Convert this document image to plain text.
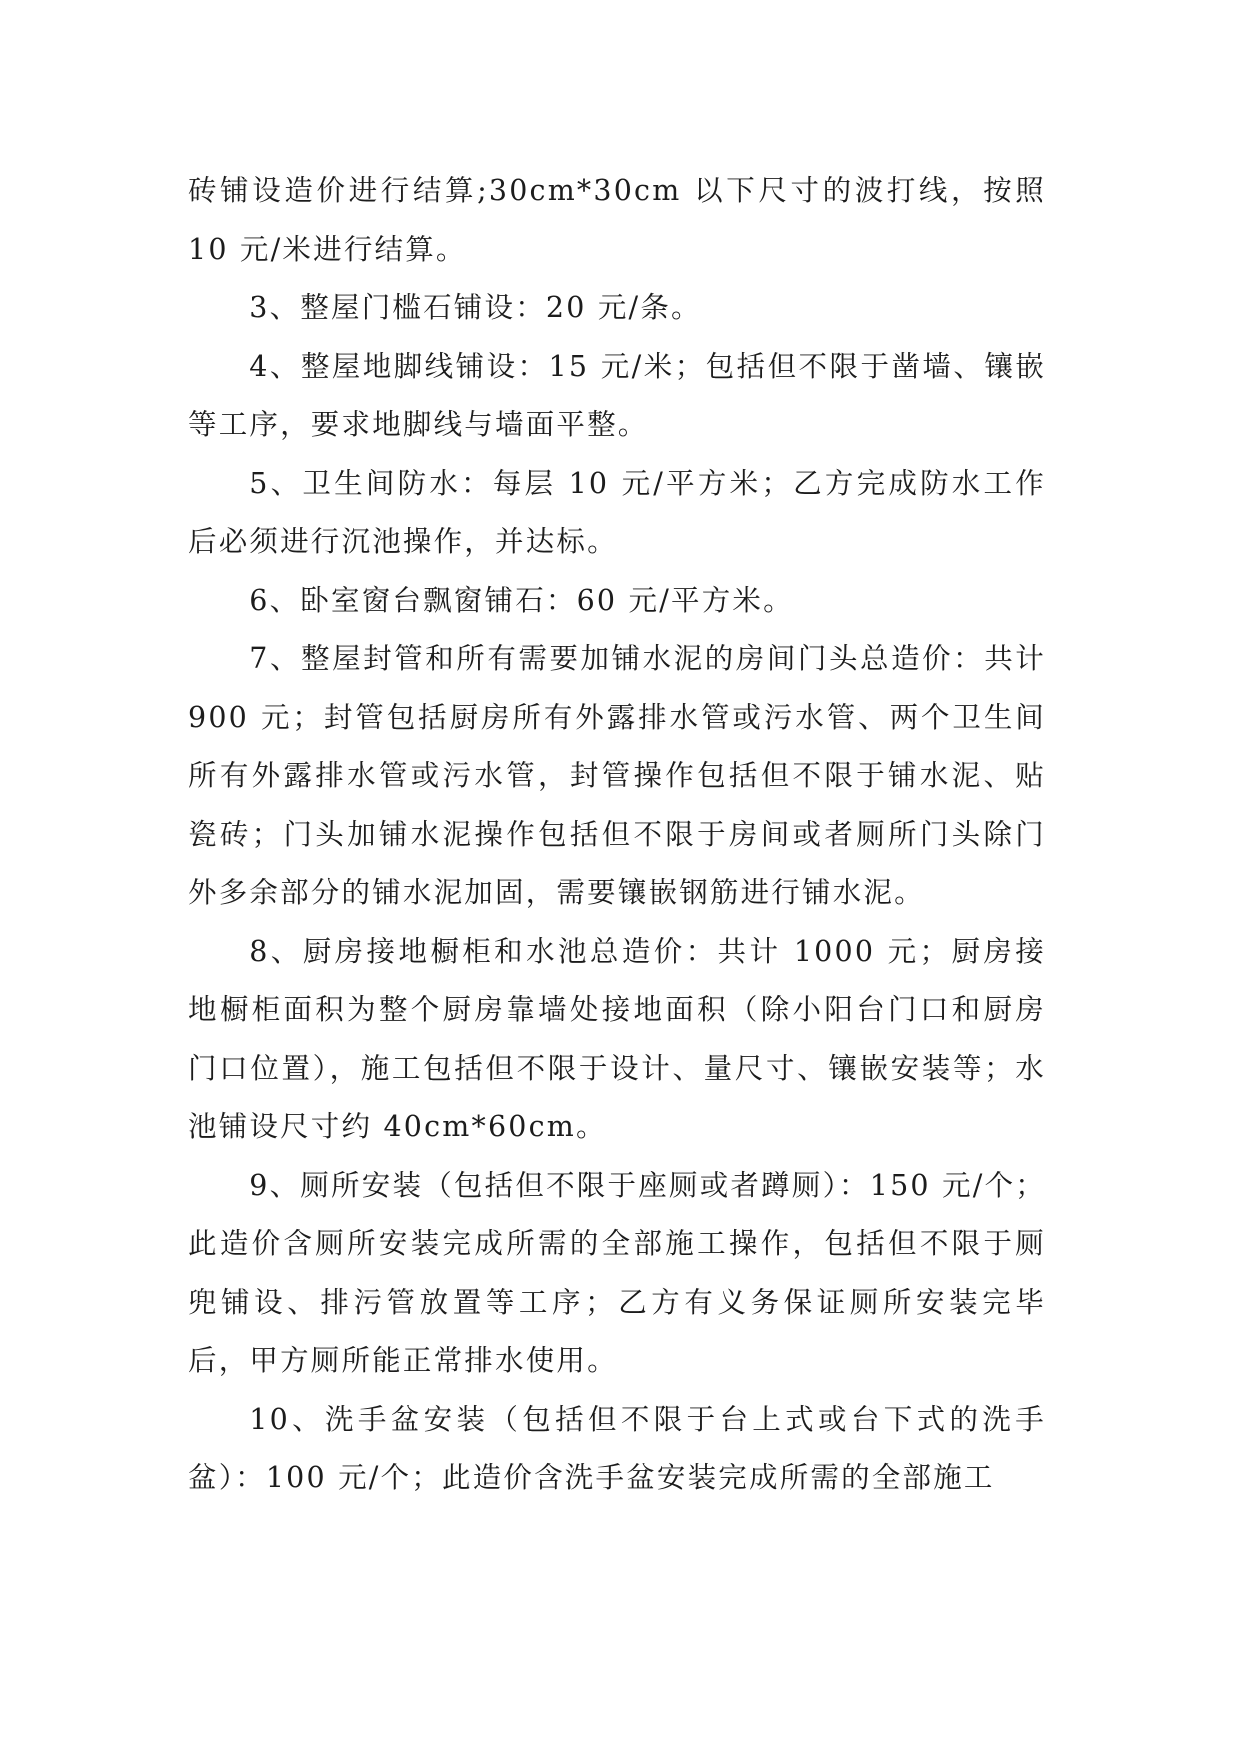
砖铺设造价进行结算;30cm*30cm 以下尺寸的波打线，按照 10 元/米进行结算。

3、整屋门槛石铺设：20 元/条。

4、整屋地脚线铺设：15 元/米；包括但不限于凿墙、镶嵌等工序，要求地脚线与墙面平整。

5、卫生间防水：每层 10 元/平方米；乙方完成防水工作后必须进行沉池操作，并达标。

6、卧室窗台飘窗铺石：60 元/平方米。

7、整屋封管和所有需要加铺水泥的房间门头总造价：共计 900 元；封管包括厨房所有外露排水管或污水管、两个卫生间所有外露排水管或污水管，封管操作包括但不限于铺水泥、贴瓷砖；门头加铺水泥操作包括但不限于房间或者厕所门头除门外多余部分的铺水泥加固，需要镶嵌钢筋进行铺水泥。

8、厨房接地橱柜和水池总造价：共计 1000 元；厨房接地橱柜面积为整个厨房靠墙处接地面积（除小阳台门口和厨房门口位置），施工包括但不限于设计、量尺寸、镶嵌安装等；水池铺设尺寸约 40cm*60cm。

9、厕所安装（包括但不限于座厕或者蹲厕）：150 元/个；此造价含厕所安装完成所需的全部施工操作，包括但不限于厕兜铺设、排污管放置等工序；乙方有义务保证厕所安装完毕后，甲方厕所能正常排水使用。

10、洗手盆安装（包括但不限于台上式或台下式的洗手盆）：100 元/个；此造价含洗手盆安装完成所需的全部施工
